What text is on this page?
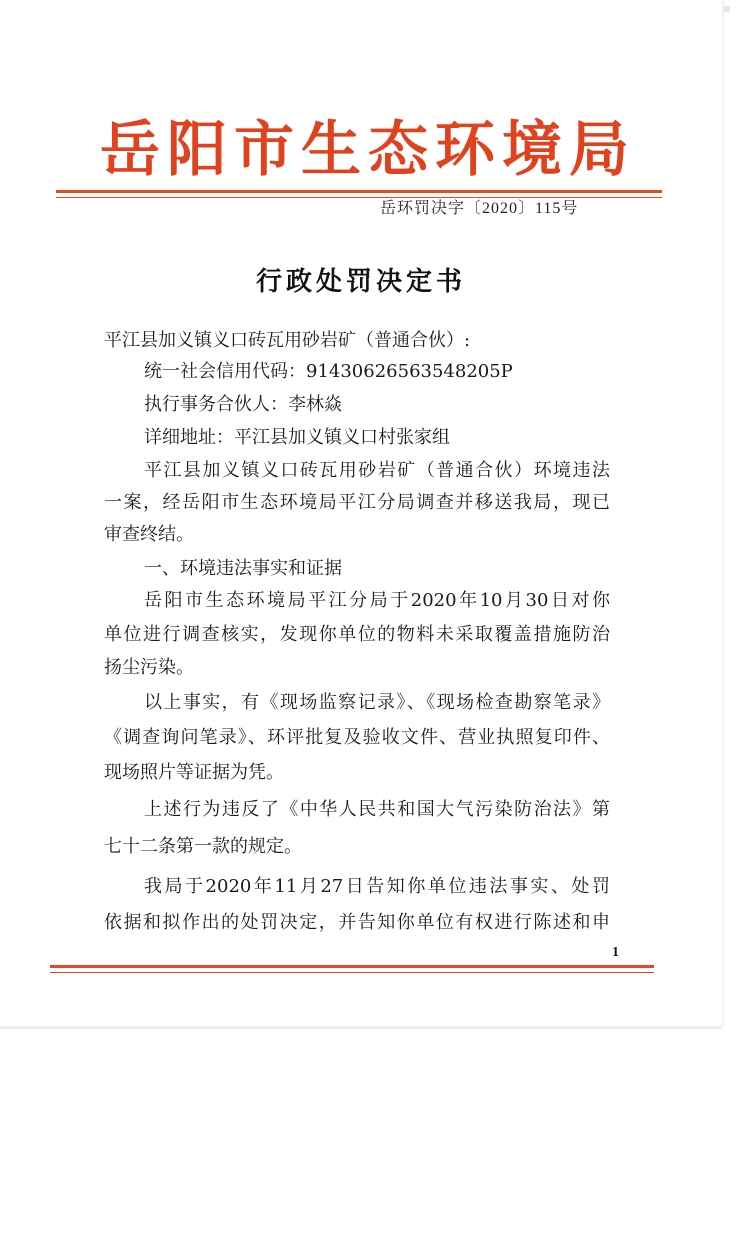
岳阳市生态环境局
岳环罚决字〔2020〕115号
行政处罚决定书
平江县加义镇义口砖瓦用砂岩矿（普通合伙）:
统一社会信用代码：91430626563548205P
执行事务合伙人：李林焱
详细地址：平江县加义镇义口村张家组
平江县加义镇义口砖瓦用砂岩矿（普通合伙）环境违法
一案，经岳阳市生态环境局平江分局调查并移送我局，现已
审查终结。
一、环境违法事实和证据
岳阳市生态环境局平江分局于2020年10月30日对你
单位进行调查核实，发现你单位的物料未采取覆盖措施防治
扬尘污染。
以上事实，有《现场监察记录》、《现场检查勘察笔录》
《调查询问笔录》、环评批复及验收文件、营业执照复印件、
现场照片等证据为凭。
上述行为违反了《中华人民共和国大气污染防治法》第
七十二条第一款的规定。
我局于2020年11月27日告知你单位违法事实、处罚
依据和拟作出的处罚决定，并告知你单位有权进行陈述和申
1
